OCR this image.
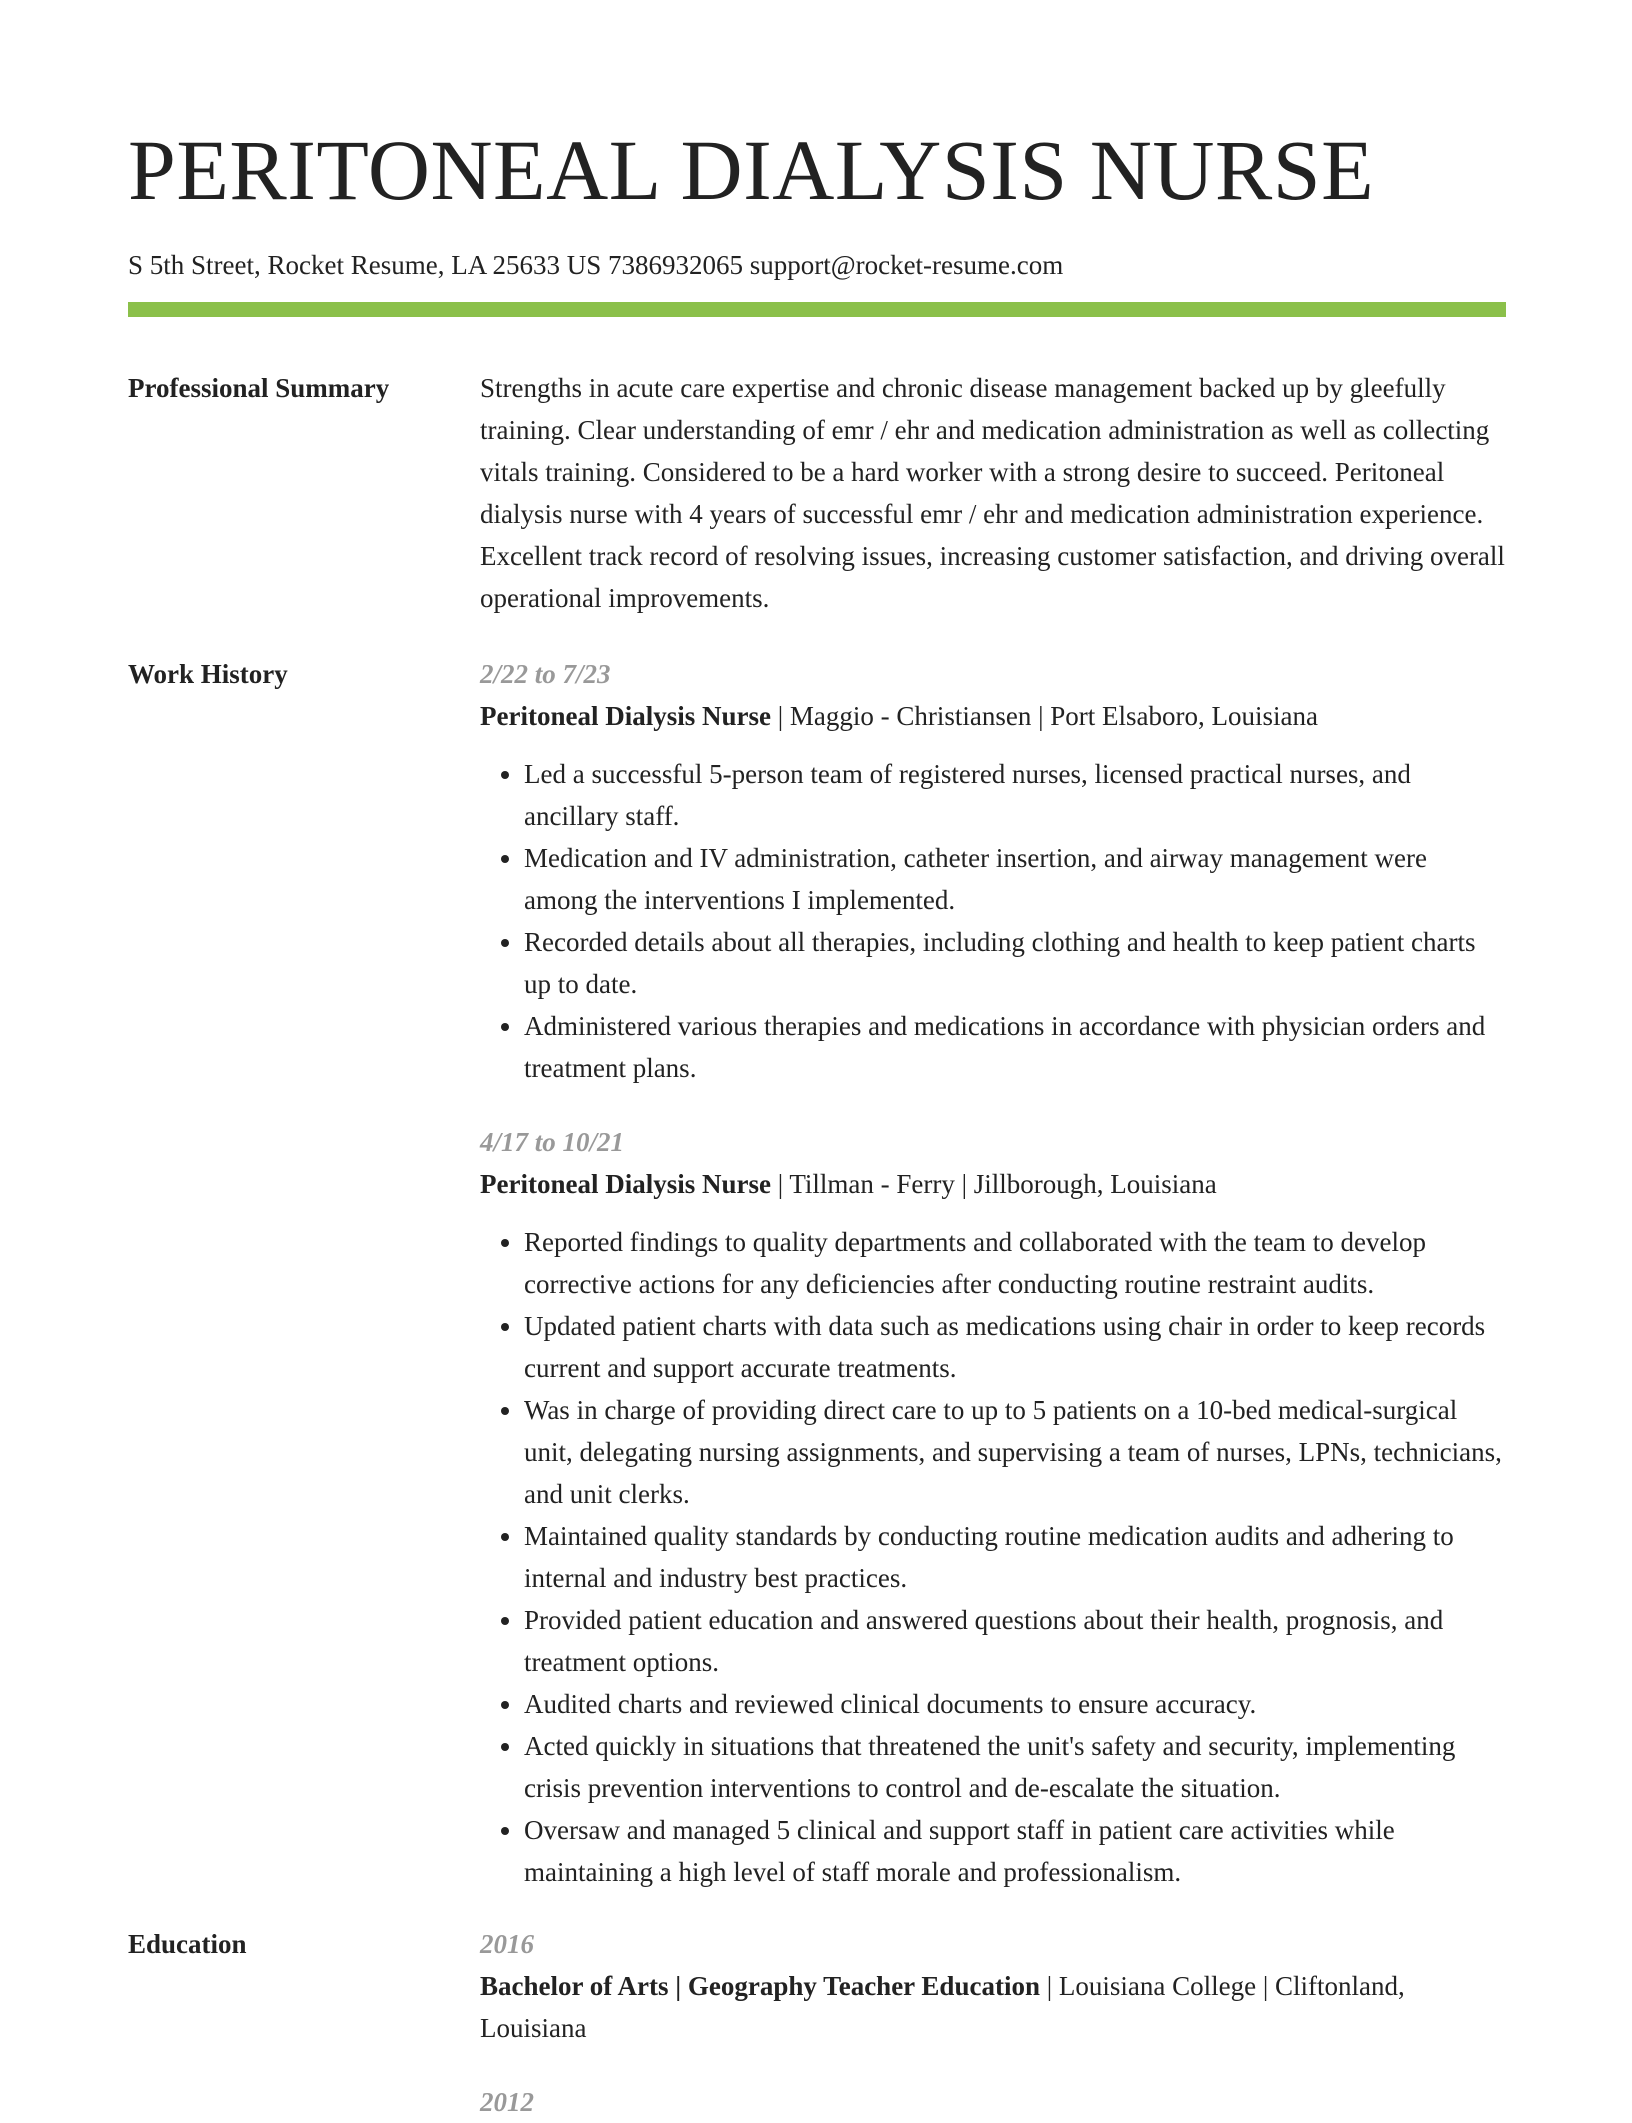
PERITONEAL DIALYSIS NURSE
S 5th Street, Rocket Resume, LA 25633 US 7386932065 support@rocket-resume.com
Professional Summary	Strengths in acute care expertise and chronic disease management backed up by gleefully training. Clear understanding of emr / ehr and medication administration as well as collecting vitals training. Considered to be a hard worker with a strong desire to succeed. Peritoneal dialysis nurse with 4 years of successful emr / ehr and medication administration experience. Excellent track record of resolving issues, increasing customer satisfaction, and driving overall operational improvements.
Work History	2/22 to 7/23
Peritoneal Dialysis Nurse | Maggio - Christiansen | Port Elsaboro, Louisiana
• Led a successful 5-person team of registered nurses, licensed practical nurses, and ancillary staff.
• Medication and IV administration, catheter insertion, and airway management were among the interventions I implemented.
• Recorded details about all therapies, including clothing and health to keep patient charts up to date.
• Administered various therapies and medications in accordance with physician orders and treatment plans.
4/17 to 10/21
Peritoneal Dialysis Nurse | Tillman - Ferry | Jillborough, Louisiana
• Reported findings to quality departments and collaborated with the team to develop corrective actions for any deficiencies after conducting routine restraint audits.
• Updated patient charts with data such as medications using chair in order to keep records current and support accurate treatments.
• Was in charge of providing direct care to up to 5 patients on a 10-bed medical-surgical unit, delegating nursing assignments, and supervising a team of nurses, LPNs, technicians, and unit clerks.
• Maintained quality standards by conducting routine medication audits and adhering to internal and industry best practices.
• Provided patient education and answered questions about their health, prognosis, and treatment options.
• Audited charts and reviewed clinical documents to ensure accuracy.
• Acted quickly in situations that threatened the unit's safety and security, implementing crisis prevention interventions to control and de-escalate the situation.
• Oversaw and managed 5 clinical and support staff in patient care activities while maintaining a high level of staff morale and professionalism.
Education	2016
Bachelor of Arts | Geography Teacher Education | Louisiana College | Cliftonland, Louisiana
2012
